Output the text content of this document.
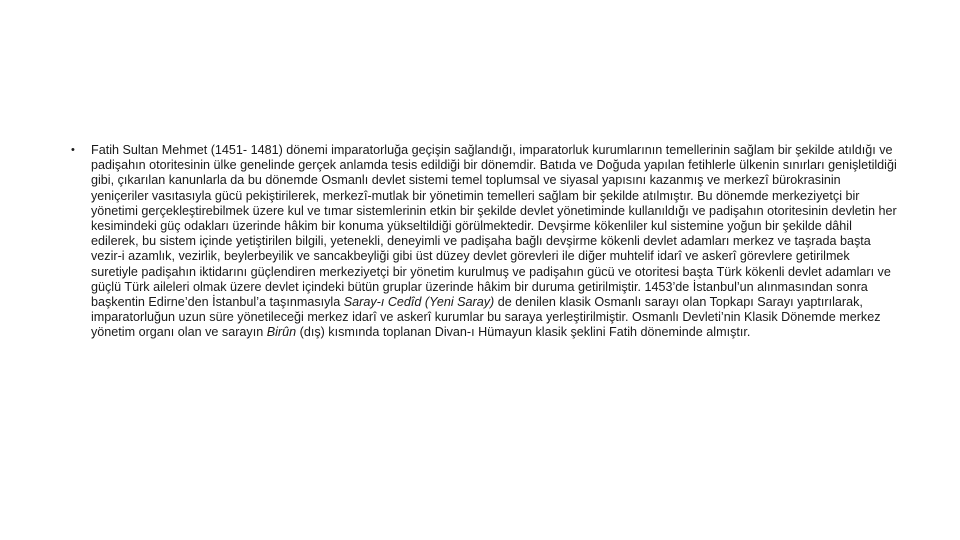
• Fatih Sultan Mehmet (1451- 1481) dönemi imparatorluğa geçişin sağlandığı, imparatorluk kurumlarının temellerinin sağlam bir şekilde atıldığı ve padişahın otoritesinin ülke genelinde gerçek anlamda tesis edildiği bir dönemdir. Batıda ve Doğuda yapılan fetihlerle ülkenin sınırları genişletildiği gibi, çıkarılan kanunlarla da bu dönemde Osmanlı devlet sistemi temel toplumsal ve siyasal yapısını kazanmış ve merkezî bürokrasinin yeniçeriler vasıtasıyla gücü pekiştirilerek, merkezî-mutlak bir yönetimin temelleri sağlam bir şekilde atılmıştır. Bu dönemde merkeziyetçi bir yönetimi gerçekleştirebilmek üzere kul ve tımar sistemlerinin etkin bir şekilde devlet yönetiminde kullanıldığı ve padişahın otoritesinin devletin her kesimindeki güç odakları üzerinde hâkim bir konuma yükseltildiği görülmektedir. Devşirme kökenliler kul sistemine yoğun bir şekilde dâhil edilerek, bu sistem içinde yetiştirilen bilgili, yetenekli, deneyimli ve padişaha bağlı devşirme kökenli devlet adamları merkez ve taşrada başta vezir-i azamlık, vezirlik, beylerbeyilik ve sancakbeyliği gibi üst düzey devlet görevleri ile diğer muhtelif idarî ve askerî görevlere getirilmek suretiyle padişahın iktidarını güçlendiren merkeziyetçi bir yönetim kurulmuş ve padişahın gücü ve otoritesi başta Türk kökenli devlet adamları ve güçlü Türk aileleri olmak üzere devlet içindeki bütün gruplar üzerinde hâkim bir duruma getirilmiştir. 1453’de İstanbul’un alınmasından sonra başkentin Edirne’den İstanbul’a taşınmasıyla Saray-ı Cedîd (Yeni Saray) de denilen klasik Osmanlı sarayı olan Topkapı Sarayı yaptırılarak, imparatorluğun uzun süre yönetileceği merkez idarî ve askerî kurumlar bu saraya yerleştirilmiştir. Osmanlı Devleti’nin Klasik Dönemde merkez yönetim organı olan ve sarayın Birûn (dış) kısmında toplanan Divan-ı Hümayun klasik şeklini Fatih döneminde almıştır.
